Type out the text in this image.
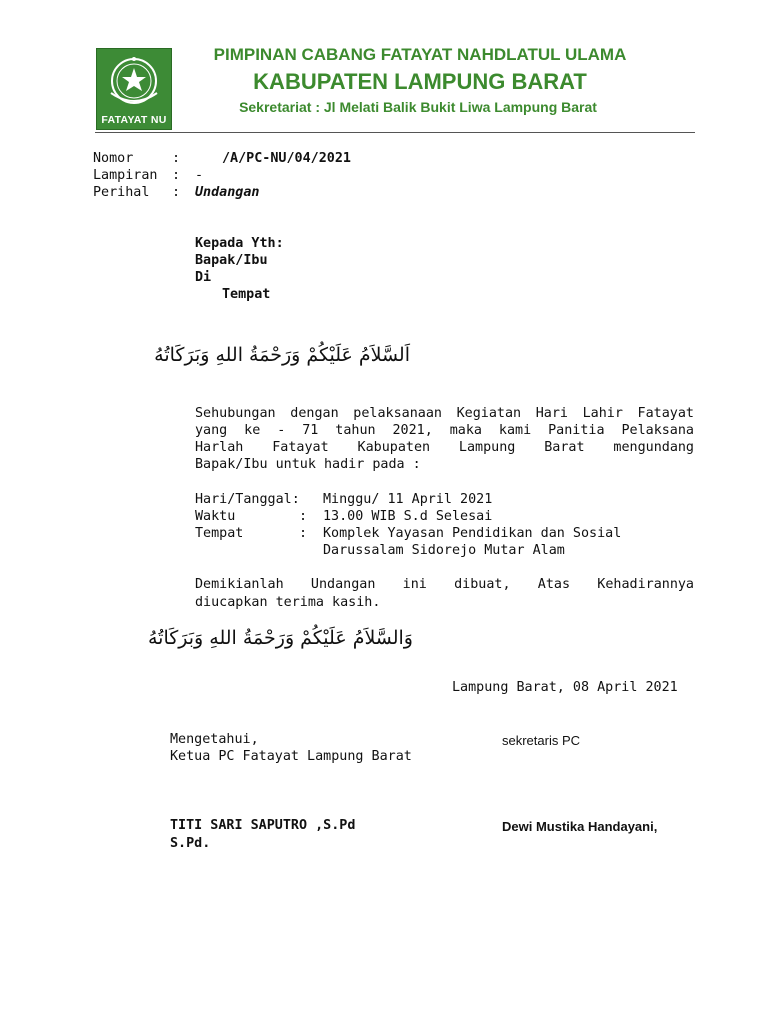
FATAYAT NU
PIMPINAN CABANG FATAYAT NAHDLATUL ULAMA
KABUPATEN LAMPUNG BARAT
Sekretariat : Jl Melati Balik Bukit Liwa Lampung Barat
Nomor	:	/A/PC-NU/04/2021
Lampiran : -
Perihal : Undangan
Kepada Yth:
Bapak/Ibu
Di
Tempat
اَلسَّلاَمُ عَلَيْكُمْ وَرَحْمَةُ اللهِ وَبَرَكَاتُهُ
Sehubungan dengan pelaksanaan Kegiatan Hari Lahir Fatayat
yang ke - 71 tahun 2021, maka kami Panitia Pelaksana
Harlah Fatayat Kabupaten Lampung Barat mengundang
Bapak/Ibu untuk hadir pada :
Hari/Tanggal: Minggu/ 11 April 2021
Waktu	: 13.00 WIB S.d Selesai
Tempat	: Komplek Yayasan Pendidikan dan Sosial
Darussalam Sidorejo Mutar Alam
Demikianlah Undangan ini dibuat, Atas Kehadirannya
diucapkan terima kasih.
وَالسَّلاَمُ عَلَيْكُمْ وَرَحْمَةُ اللهِ وَبَرَكَاتُهُ
Lampung Barat, 08 April 2021
Mengetahui,
Ketua PC Fatayat Lampung Barat
sekretaris PC
TITI SARI SAPUTRO ,S.Pd	Dewi Mustika Handayani,
S.Pd.
